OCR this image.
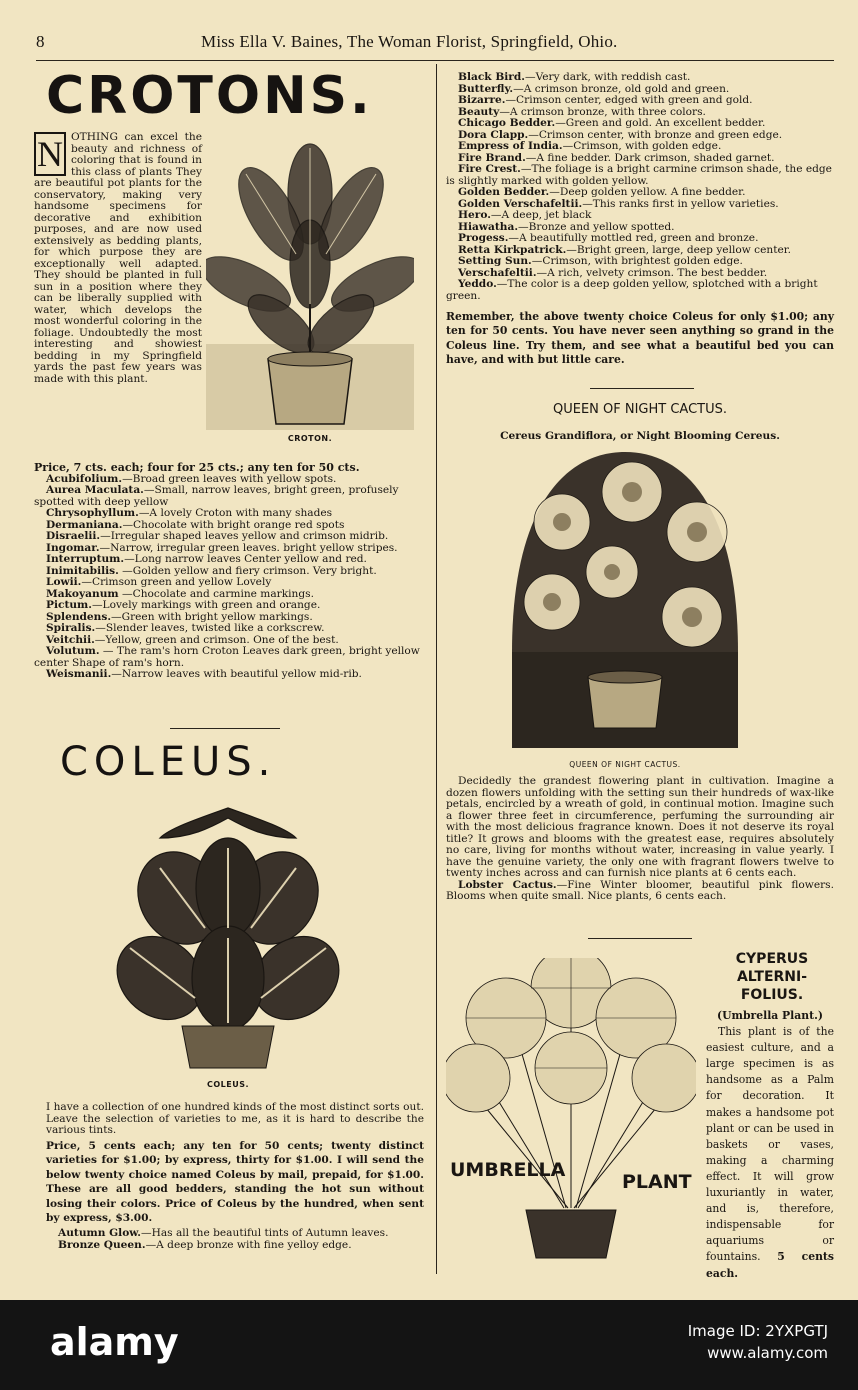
8	Miss Ella V. Baines, The Woman Florist, Springfield, Ohio.
CROTONS.
N OTHING can excel the beauty and richness of coloring that is found in this class of plants They are beautiful pot plants for the conservatory, making very handsome specimens for decorative and exhibition purposes, and are now used extensively as bedding plants, for which purpose they are exceptionally well adapted. They should be planted in full sun in a position where they can be liberally supplied with water, which develops the most wonderful coloring in the foliage. Undoubtedly the most interesting and showiest bedding in my Springfield yards the past few years was made with this plant.
CROTON.

Price, 7 cts. each; four for 25 cts.; any ten for 50 cts.

Acubifolium.—Broad green leaves with yellow spots.

Aurea Maculata.—Small, narrow leaves, bright green, profusely spotted with deep yellow

Chrysophyllum.—A lovely Croton with many shades

Dermaniana.—Chocolate with bright orange red spots

Disraelii.—Irregular shaped leaves yellow and crimson midrib.

Ingomar.—Narrow, irregular green leaves. bright yellow stripes.

Interruptum.—Long narrow leaves Center yellow and red.

Inimitabilis. —Golden yellow and fiery crimson. Very bright.

Lowii.—Crimson green and yellow Lovely

Makoyanum —Chocolate and carmine markings.

Pictum.—Lovely markings with green and orange.

Splendens.—Green with bright yellow markings.

Spiralis.—Slender leaves, twisted like a corkscrew.

Veitchii.—Yellow, green and crimson. One of the best.

Volutum. — The ram's horn Croton Leaves dark green, bright yellow center Shape of ram's horn.

Weismanii.—Narrow leaves with beautiful yellow mid-rib.

COLEUS.
COLEUS.

I have a collection of one hundred kinds of the most distinct sorts out. Leave the selection of varieties to me, as it is hard to describe the various tints.

Price, 5 cents each; any ten for 50 cents; twenty distinct varieties for $1.00; by express, thirty for $1.00. I will send the below twenty choice named Coleus by mail, prepaid, for $1.00. These are all good bedders, standing the hot sun without losing their colors. Price of Coleus by the hundred, when sent by express, $3.00.

Autumn Glow.—Has all the beautiful tints of Autumn leaves.

Bronze Queen.—A deep bronze with fine yelloy edge.

Black Bird.—Very dark, with reddish cast.

Butterfly.—A crimson bronze, old gold and green.

Bizarre.—Crimson center, edged with green and gold.

Beauty—A crimson bronze, with three colors.

Chicago Bedder.—Green and gold. An excellent bedder.

Dora Clapp.—Crimson center, with bronze and green edge.

Empress of India.—Crimson, with golden edge.

Fire Brand.—A fine bedder. Dark crimson, shaded garnet.

Fire Crest.—The foliage is a bright carmine crimson shade, the edge is slightly marked with golden yellow.

Golden Bedder.—Deep golden yellow. A fine bedder.

Golden Verschafeltii.—This ranks first in yellow varieties.

Hero.—A deep, jet black

Hiawatha.—Bronze and yellow spotted.

Progess.—A beautifully mottled red, green and bronze.

Retta Kirkpatrick.—Bright green, large, deep yellow center.

Setting Sun.—Crimson, with brightest golden edge.

Verschafeltii.—A rich, velvety crimson. The best bedder.

Yeddo.—The color is a deep golden yellow, splotched with a bright green.

Remember, the above twenty choice Coleus for only $1.00; any ten for 50 cents. You have never seen anything so grand in the Coleus line. Try them, and see what a beautiful bed you can have, and with but little care.

QUEEN OF NIGHT CACTUS.
Cereus Grandiflora, or Night Blooming Cereus.
QUEEN OF NIGHT CACTUS.

Decidedly the grandest flowering plant in cultivation. Imagine a dozen flowers unfolding with the setting sun their hundreds of wax-like petals, encircled by a wreath of gold, in continual motion. Imagine such a flower three feet in circumference, perfuming the surrounding air with the most delicious fragrance known. Does it not deserve its royal title? It grows and blooms with the greatest ease, requires absolutely no care, living for months without water, increasing in value yearly. I have the genuine variety, the only one with fragrant flowers twelve to twenty inches across and can furnish nice plants at 6 cents each.

Lobster Cactus.—Fine Winter bloomer, beautiful pink flowers. Blooms when quite small. Nice plants, 6 cents each.

UMBRELLA
PLANT
CYPERUS
ALTERNI-
FOLIUS.

(Umbrella Plant.)

This plant is of the easiest culture, and a large specimen is as handsome as a Palm for decoration. It makes a handsome pot plant or can be used in baskets or vases, making a charming effect. It will grow luxuriantly in water, and is, therefore, indispensable for aquariums or fountains. 5 cents each.

alamy	Image ID: 2YXPGTJ
www.alamy.com
